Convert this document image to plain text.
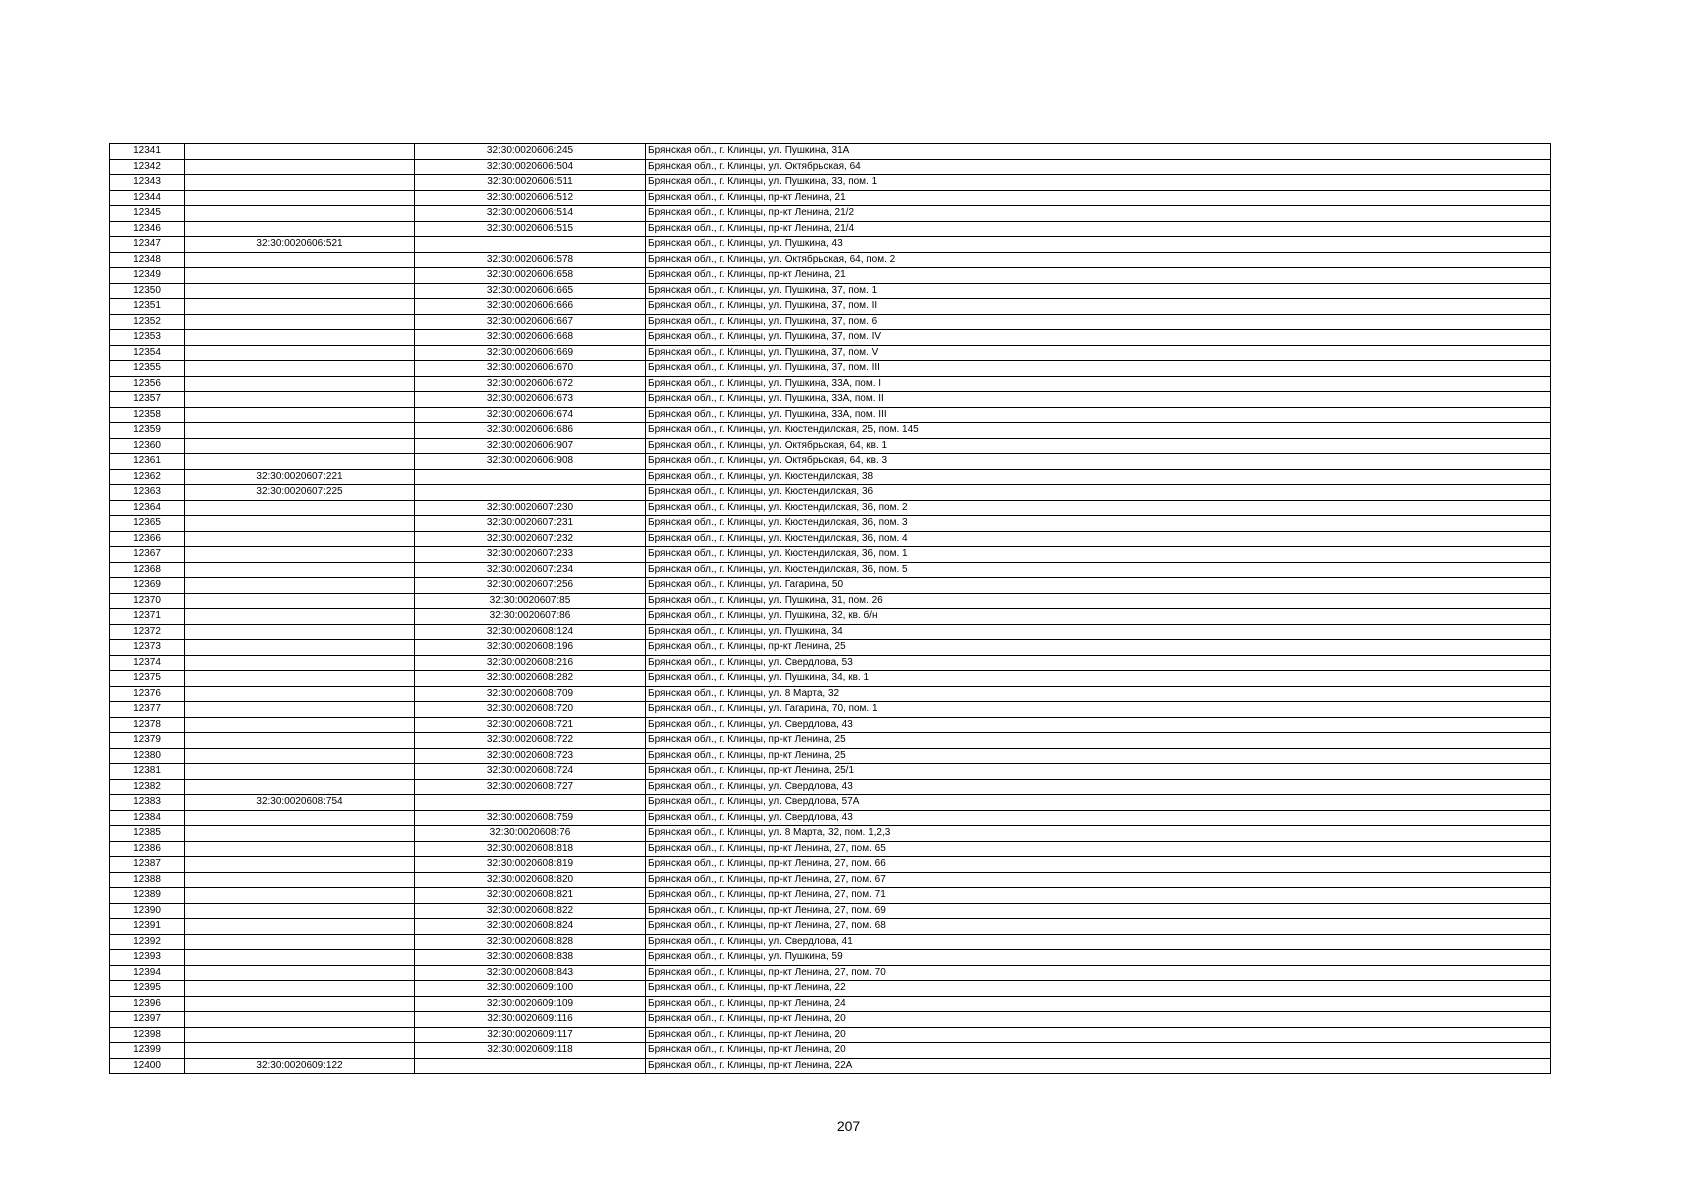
12341		32:30:0020606:245	Брянская обл., г. Клинцы, ул. Пушкина, 31А
12342		32:30:0020606:504	Брянская обл., г. Клинцы, ул. Октябрьская, 64
12343		32:30:0020606:511	Брянская обл., г. Клинцы, ул. Пушкина, 33, пом. 1
12344		32:30:0020606:512	Брянская обл., г. Клинцы, пр-кт Ленина, 21
12345		32:30:0020606:514	Брянская обл., г. Клинцы, пр-кт Ленина, 21/2
12346		32:30:0020606:515	Брянская обл., г. Клинцы, пр-кт Ленина, 21/4
12347	32:30:0020606:521		Брянская обл., г. Клинцы, ул. Пушкина, 43
12348		32:30:0020606:578	Брянская обл., г. Клинцы, ул. Октябрьская, 64, пом. 2
12349		32:30:0020606:658	Брянская обл., г. Клинцы, пр-кт Ленина, 21
12350		32:30:0020606:665	Брянская обл., г. Клинцы, ул. Пушкина, 37, пом. 1
12351		32:30:0020606:666	Брянская обл., г. Клинцы, ул. Пушкина, 37, пом. II
12352		32:30:0020606:667	Брянская обл., г. Клинцы, ул. Пушкина, 37, пом. 6
12353		32:30:0020606:668	Брянская обл., г. Клинцы, ул. Пушкина, 37, пом. IV
12354		32:30:0020606:669	Брянская обл., г. Клинцы, ул. Пушкина, 37, пом. V
12355		32:30:0020606:670	Брянская обл., г. Клинцы, ул. Пушкина, 37, пом. III
12356		32:30:0020606:672	Брянская обл., г. Клинцы, ул. Пушкина, 33А, пом. I
12357		32:30:0020606:673	Брянская обл., г. Клинцы, ул. Пушкина, 33А, пом. II
12358		32:30:0020606:674	Брянская обл., г. Клинцы, ул. Пушкина, 33А, пом. III
12359		32:30:0020606:686	Брянская обл., г. Клинцы, ул. Кюстендилская, 25, пом. 145
12360		32:30:0020606:907	Брянская обл., г. Клинцы, ул. Октябрьская, 64, кв. 1
12361		32:30:0020606:908	Брянская обл., г. Клинцы, ул. Октябрьская, 64, кв. 3
12362	32:30:0020607:221		Брянская обл., г. Клинцы, ул. Кюстендилская, 38
12363	32:30:0020607:225		Брянская обл., г. Клинцы, ул. Кюстендилская, 36
12364		32:30:0020607:230	Брянская обл., г. Клинцы, ул. Кюстендилская, 36, пом. 2
12365		32:30:0020607:231	Брянская обл., г. Клинцы, ул. Кюстендилская, 36, пом. 3
12366		32:30:0020607:232	Брянская обл., г. Клинцы, ул. Кюстендилская, 36, пом. 4
12367		32:30:0020607:233	Брянская обл., г. Клинцы, ул. Кюстендилская, 36, пом. 1
12368		32:30:0020607:234	Брянская обл., г. Клинцы, ул. Кюстендилская, 36, пом. 5
12369		32:30:0020607:256	Брянская обл., г. Клинцы, ул. Гагарина, 50
12370		32:30:0020607:85	Брянская обл., г. Клинцы, ул. Пушкина, 31, пом. 26
12371		32:30:0020607:86	Брянская обл., г. Клинцы, ул. Пушкина, 32, кв. б/н
12372		32:30:0020608:124	Брянская обл., г. Клинцы, ул. Пушкина, 34
12373		32:30:0020608:196	Брянская обл., г. Клинцы, пр-кт Ленина, 25
12374		32:30:0020608:216	Брянская обл., г. Клинцы, ул. Свердлова, 53
12375		32:30:0020608:282	Брянская обл., г. Клинцы, ул. Пушкина, 34, кв. 1
12376		32:30:0020608:709	Брянская обл., г. Клинцы, ул. 8 Марта, 32
12377		32:30:0020608:720	Брянская обл., г. Клинцы, ул. Гагарина, 70, пом. 1
12378		32:30:0020608:721	Брянская обл., г. Клинцы, ул. Свердлова, 43
12379		32:30:0020608:722	Брянская обл., г. Клинцы, пр-кт Ленина, 25
12380		32:30:0020608:723	Брянская обл., г. Клинцы, пр-кт Ленина, 25
12381		32:30:0020608:724	Брянская обл., г. Клинцы, пр-кт Ленина, 25/1
12382		32:30:0020608:727	Брянская обл., г. Клинцы, ул. Свердлова, 43
12383	32:30:0020608:754		Брянская обл., г. Клинцы, ул. Свердлова, 57А
12384		32:30:0020608:759	Брянская обл., г. Клинцы, ул. Свердлова, 43
12385		32:30:0020608:76	Брянская обл., г. Клинцы, ул. 8 Марта, 32, пом. 1,2,3
12386		32:30:0020608:818	Брянская обл., г. Клинцы, пр-кт Ленина, 27, пом. 65
12387		32:30:0020608:819	Брянская обл., г. Клинцы, пр-кт Ленина, 27, пом. 66
12388		32:30:0020608:820	Брянская обл., г. Клинцы, пр-кт Ленина, 27, пом. 67
12389		32:30:0020608:821	Брянская обл., г. Клинцы, пр-кт Ленина, 27, пом. 71
12390		32:30:0020608:822	Брянская обл., г. Клинцы, пр-кт Ленина, 27, пом. 69
12391		32:30:0020608:824	Брянская обл., г. Клинцы, пр-кт Ленина, 27, пом. 68
12392		32:30:0020608:828	Брянская обл., г. Клинцы, ул. Свердлова, 41
12393		32:30:0020608:838	Брянская обл., г. Клинцы, ул. Пушкина, 59
12394		32:30:0020608:843	Брянская обл., г. Клинцы, пр-кт Ленина, 27, пом. 70
12395		32:30:0020609:100	Брянская обл., г. Клинцы, пр-кт Ленина, 22
12396		32:30:0020609:109	Брянская обл., г. Клинцы, пр-кт Ленина, 24
12397		32:30:0020609:116	Брянская обл., г. Клинцы, пр-кт Ленина, 20
12398		32:30:0020609:117	Брянская обл., г. Клинцы, пр-кт Ленина, 20
12399		32:30:0020609:118	Брянская обл., г. Клинцы, пр-кт Ленина, 20
12400	32:30:0020609:122		Брянская обл., г. Клинцы, пр-кт Ленина, 22А
207
